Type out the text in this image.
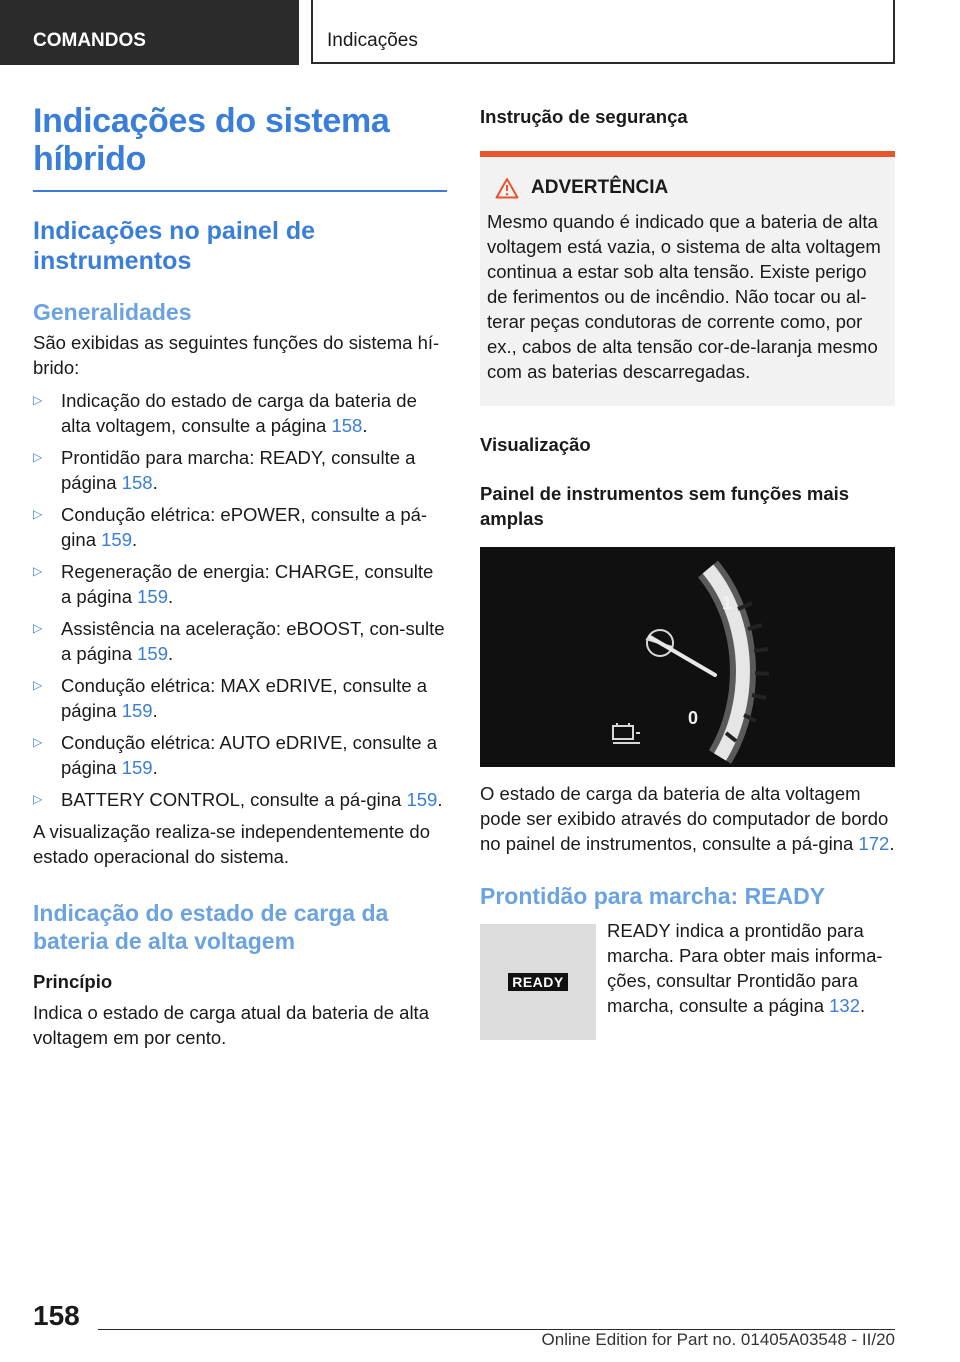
COMANDOS	Indicações
Indicações do sistema híbrido
Indicações no painel de instrumentos
Generalidades

São exibidas as seguintes funções do sistema hí-brido:

▷ Indicação do estado de carga da bateria de alta voltagem, consulte a página 158.
▷ Prontidão para marcha: READY, consulte a página 158.
▷ Condução elétrica: ePOWER, consulte a pá-gina 159.
▷ Regeneração de energia: CHARGE, consulte a página 159.
▷ Assistência na aceleração: eBOOST, con-sulte a página 159.
▷ Condução elétrica: MAX eDRIVE, consulte a página 159.
▷ Condução elétrica: AUTO eDRIVE, consulte a página 159.
▷ BATTERY CONTROL, consulte a pá-gina 159.

A visualização realiza-se independentemente do estado operacional do sistema.

Indicação do estado de carga da bateria de alta voltagem
Princípio

Indica o estado de carga atual da bateria de alta voltagem em por cento.

Instrução de segurança
ADVERTÊNCIA

Mesmo quando é indicado que a bateria de alta voltagem está vazia, o sistema de alta voltagem continua a estar sob alta tensão. Existe perigo de ferimentos ou de incêndio. Não tocar ou al-terar peças condutoras de corrente como, por ex., cabos de alta tensão cor-de-laranja mesmo com as baterias descarregadas.

Visualização
Painel de instrumentos sem funções mais amplas
1
0

O estado de carga da bateria de alta voltagem pode ser exibido através do computador de bordo no painel de instrumentos, consulte a pá-gina 172.

Prontidão para marcha: READY
READY

READY indica a prontidão para marcha. Para obter mais informa-ções, consultar Prontidão para marcha, consulte a página 132.

158
Online Edition for Part no. 01405A03548 - II/20
